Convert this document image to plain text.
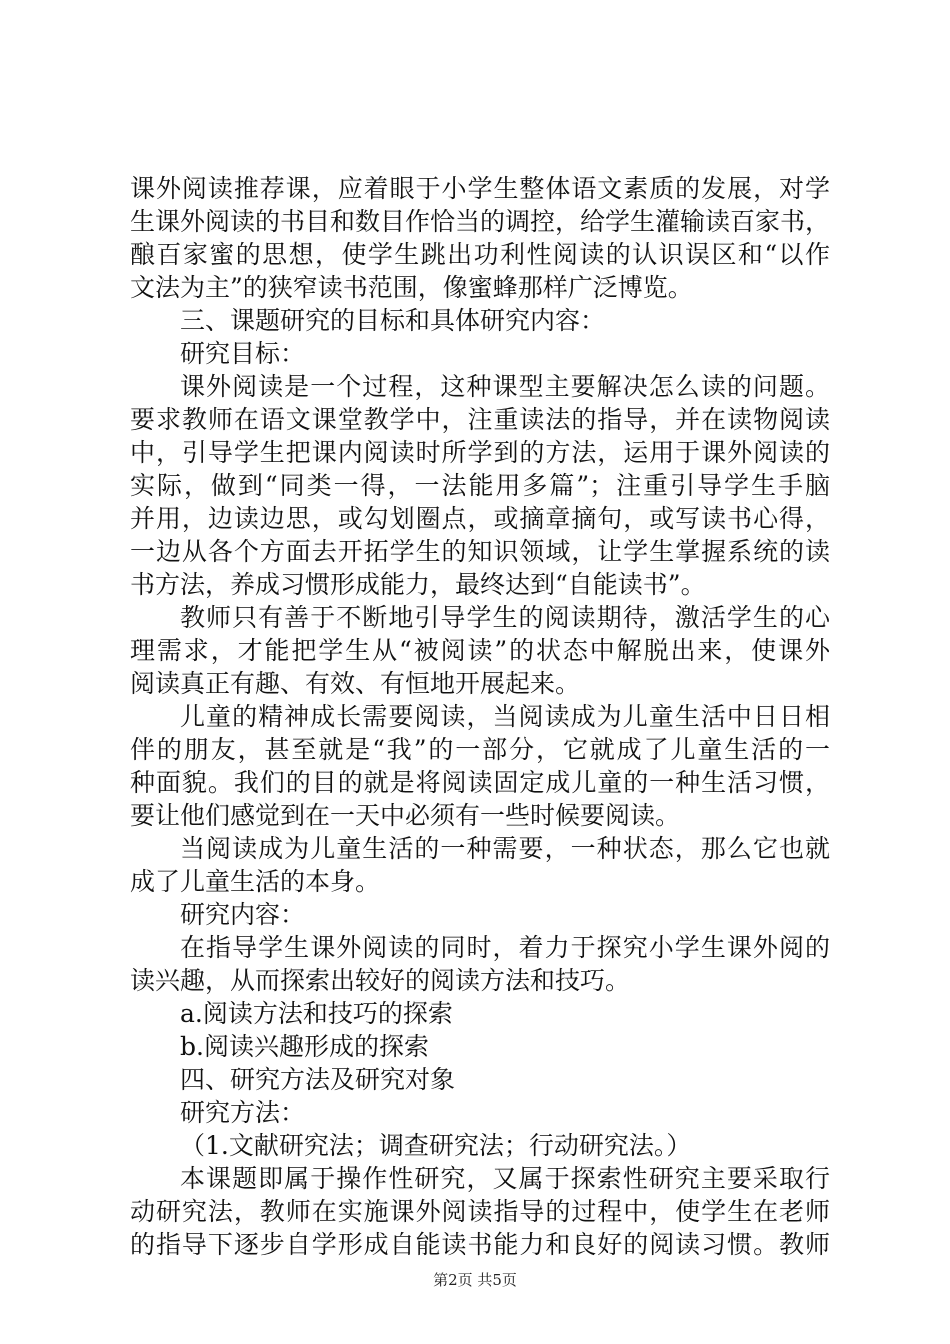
课外阅读推荐课，应着眼于小学生整体语文素质的发展，对学
生课外阅读的书目和数目作恰当的调控，给学生灌输读百家书，
酿百家蜜的思想，使学生跳出功利性阅读的认识误区和“以作
文法为主”的狭窄读书范围，像蜜蜂那样广泛博览。
三、课题研究的目标和具体研究内容：
研究目标：
课外阅读是一个过程，这种课型主要解决怎么读的问题。
要求教师在语文课堂教学中，注重读法的指导，并在读物阅读
中，引导学生把课内阅读时所学到的方法，运用于课外阅读的
实际，做到“同类一得，一法能用多篇”；注重引导学生手脑
并用，边读边思，或勾划圈点，或摘章摘句，或写读书心得，
一边从各个方面去开拓学生的知识领域，让学生掌握系统的读
书方法，养成习惯形成能力，最终达到“自能读书”。
教师只有善于不断地引导学生的阅读期待，激活学生的心
理需求，才能把学生从“被阅读”的状态中解脱出来，使课外
阅读真正有趣、有效、有恒地开展起来。
儿童的精神成长需要阅读，当阅读成为儿童生活中日日相
伴的朋友，甚至就是“我”的一部分，它就成了儿童生活的一
种面貌。我们的目的就是将阅读固定成儿童的一种生活习惯，
要让他们感觉到在一天中必须有一些时候要阅读。
当阅读成为儿童生活的一种需要，一种状态，那么它也就
成了儿童生活的本身。
研究内容：
在指导学生课外阅读的同时，着力于探究小学生课外阅的
读兴趣，从而探索出较好的阅读方法和技巧。
a.阅读方法和技巧的探索
b.阅读兴趣形成的探索
四、研究方法及研究对象
研究方法：
（1.文献研究法；调查研究法；行动研究法。）
本课题即属于操作性研究，又属于探索性研究主要采取行
动研究法，教师在实施课外阅读指导的过程中，使学生在老师
的指导下逐步自学形成自能读书能力和良好的阅读习惯。教师
第2页 共5页
